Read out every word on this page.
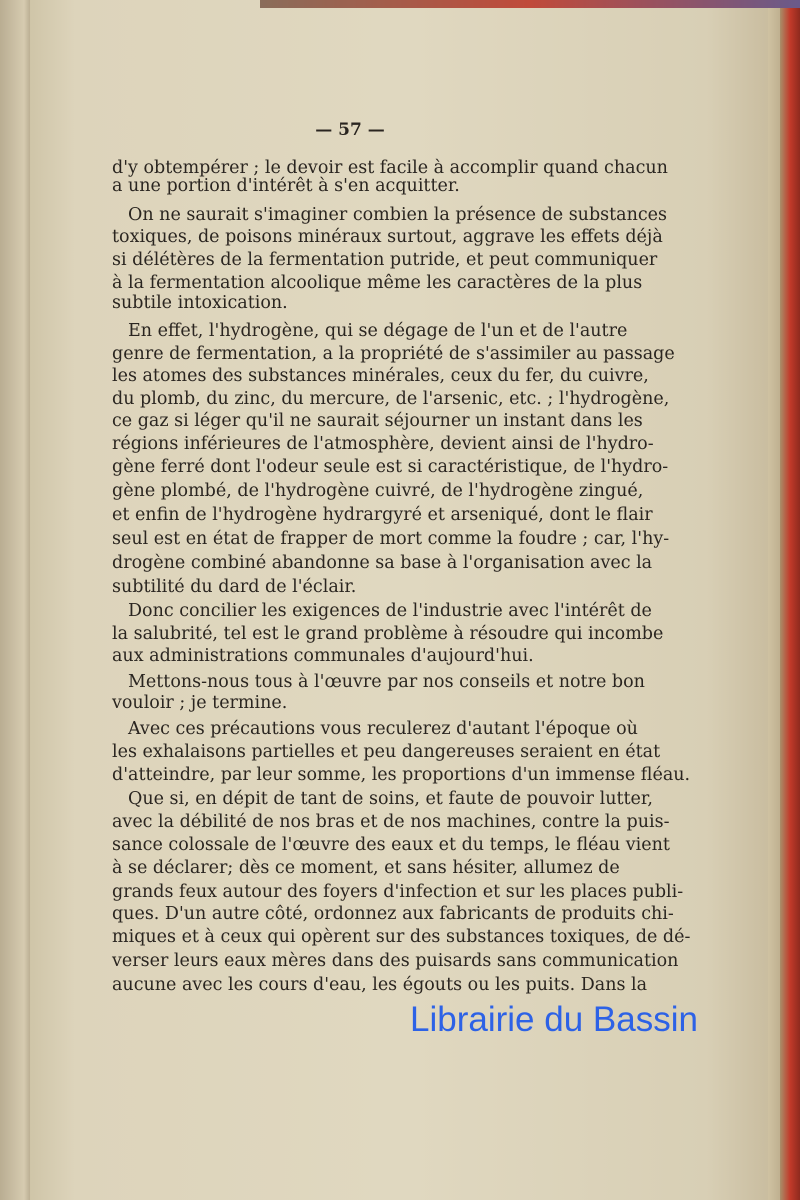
— 57 —
d'y obtempérer ; le devoir est facile à accomplir quand chacun
a une portion d'intérêt à s'en acquitter.
On ne saurait s'imaginer combien la présence de substances
toxiques, de poisons minéraux surtout, aggrave les effets déjà
si délétères de la fermentation putride, et peut communiquer
à la fermentation alcoolique même les caractères de la plus
subtile intoxication.
En effet, l'hydrogène, qui se dégage de l'un et de l'autre
genre de fermentation, a la propriété de s'assimiler au passage
les atomes des substances minérales, ceux du fer, du cuivre,
du plomb, du zinc, du mercure, de l'arsenic, etc. ; l'hydrogène,
ce gaz si léger qu'il ne saurait séjourner un instant dans les
régions inférieures de l'atmosphère, devient ainsi de l'hydro-
gène ferré dont l'odeur seule est si caractéristique, de l'hydro-
gène plombé, de l'hydrogène cuivré, de l'hydrogène zingué,
et enfin de l'hydrogène hydrargyré et arseniqué, dont le flair
seul est en état de frapper de mort comme la foudre ; car, l'hy-
drogène combiné abandonne sa base à l'organisation avec la
subtilité du dard de l'éclair.
Donc concilier les exigences de l'industrie avec l'intérêt de
la salubrité, tel est le grand problème à résoudre qui incombe
aux administrations communales d'aujourd'hui.
Mettons-nous tous à l'œuvre par nos conseils et notre bon
vouloir ; je termine.
Avec ces précautions vous reculerez d'autant l'époque où
les exhalaisons partielles et peu dangereuses seraient en état
d'atteindre, par leur somme, les proportions d'un immense fléau.
Que si, en dépit de tant de soins, et faute de pouvoir lutter,
avec la débilité de nos bras et de nos machines, contre la puis-
sance colossale de l'œuvre des eaux et du temps, le fléau vient
à se déclarer; dès ce moment, et sans hésiter, allumez de
grands feux autour des foyers d'infection et sur les places publi-
ques. D'un autre côté, ordonnez aux fabricants de produits chi-
miques et à ceux qui opèrent sur des substances toxiques, de dé-
verser leurs eaux mères dans des puisards sans communication
aucune avec les cours d'eau, les égouts ou les puits. Dans la
Librairie du Bassin
